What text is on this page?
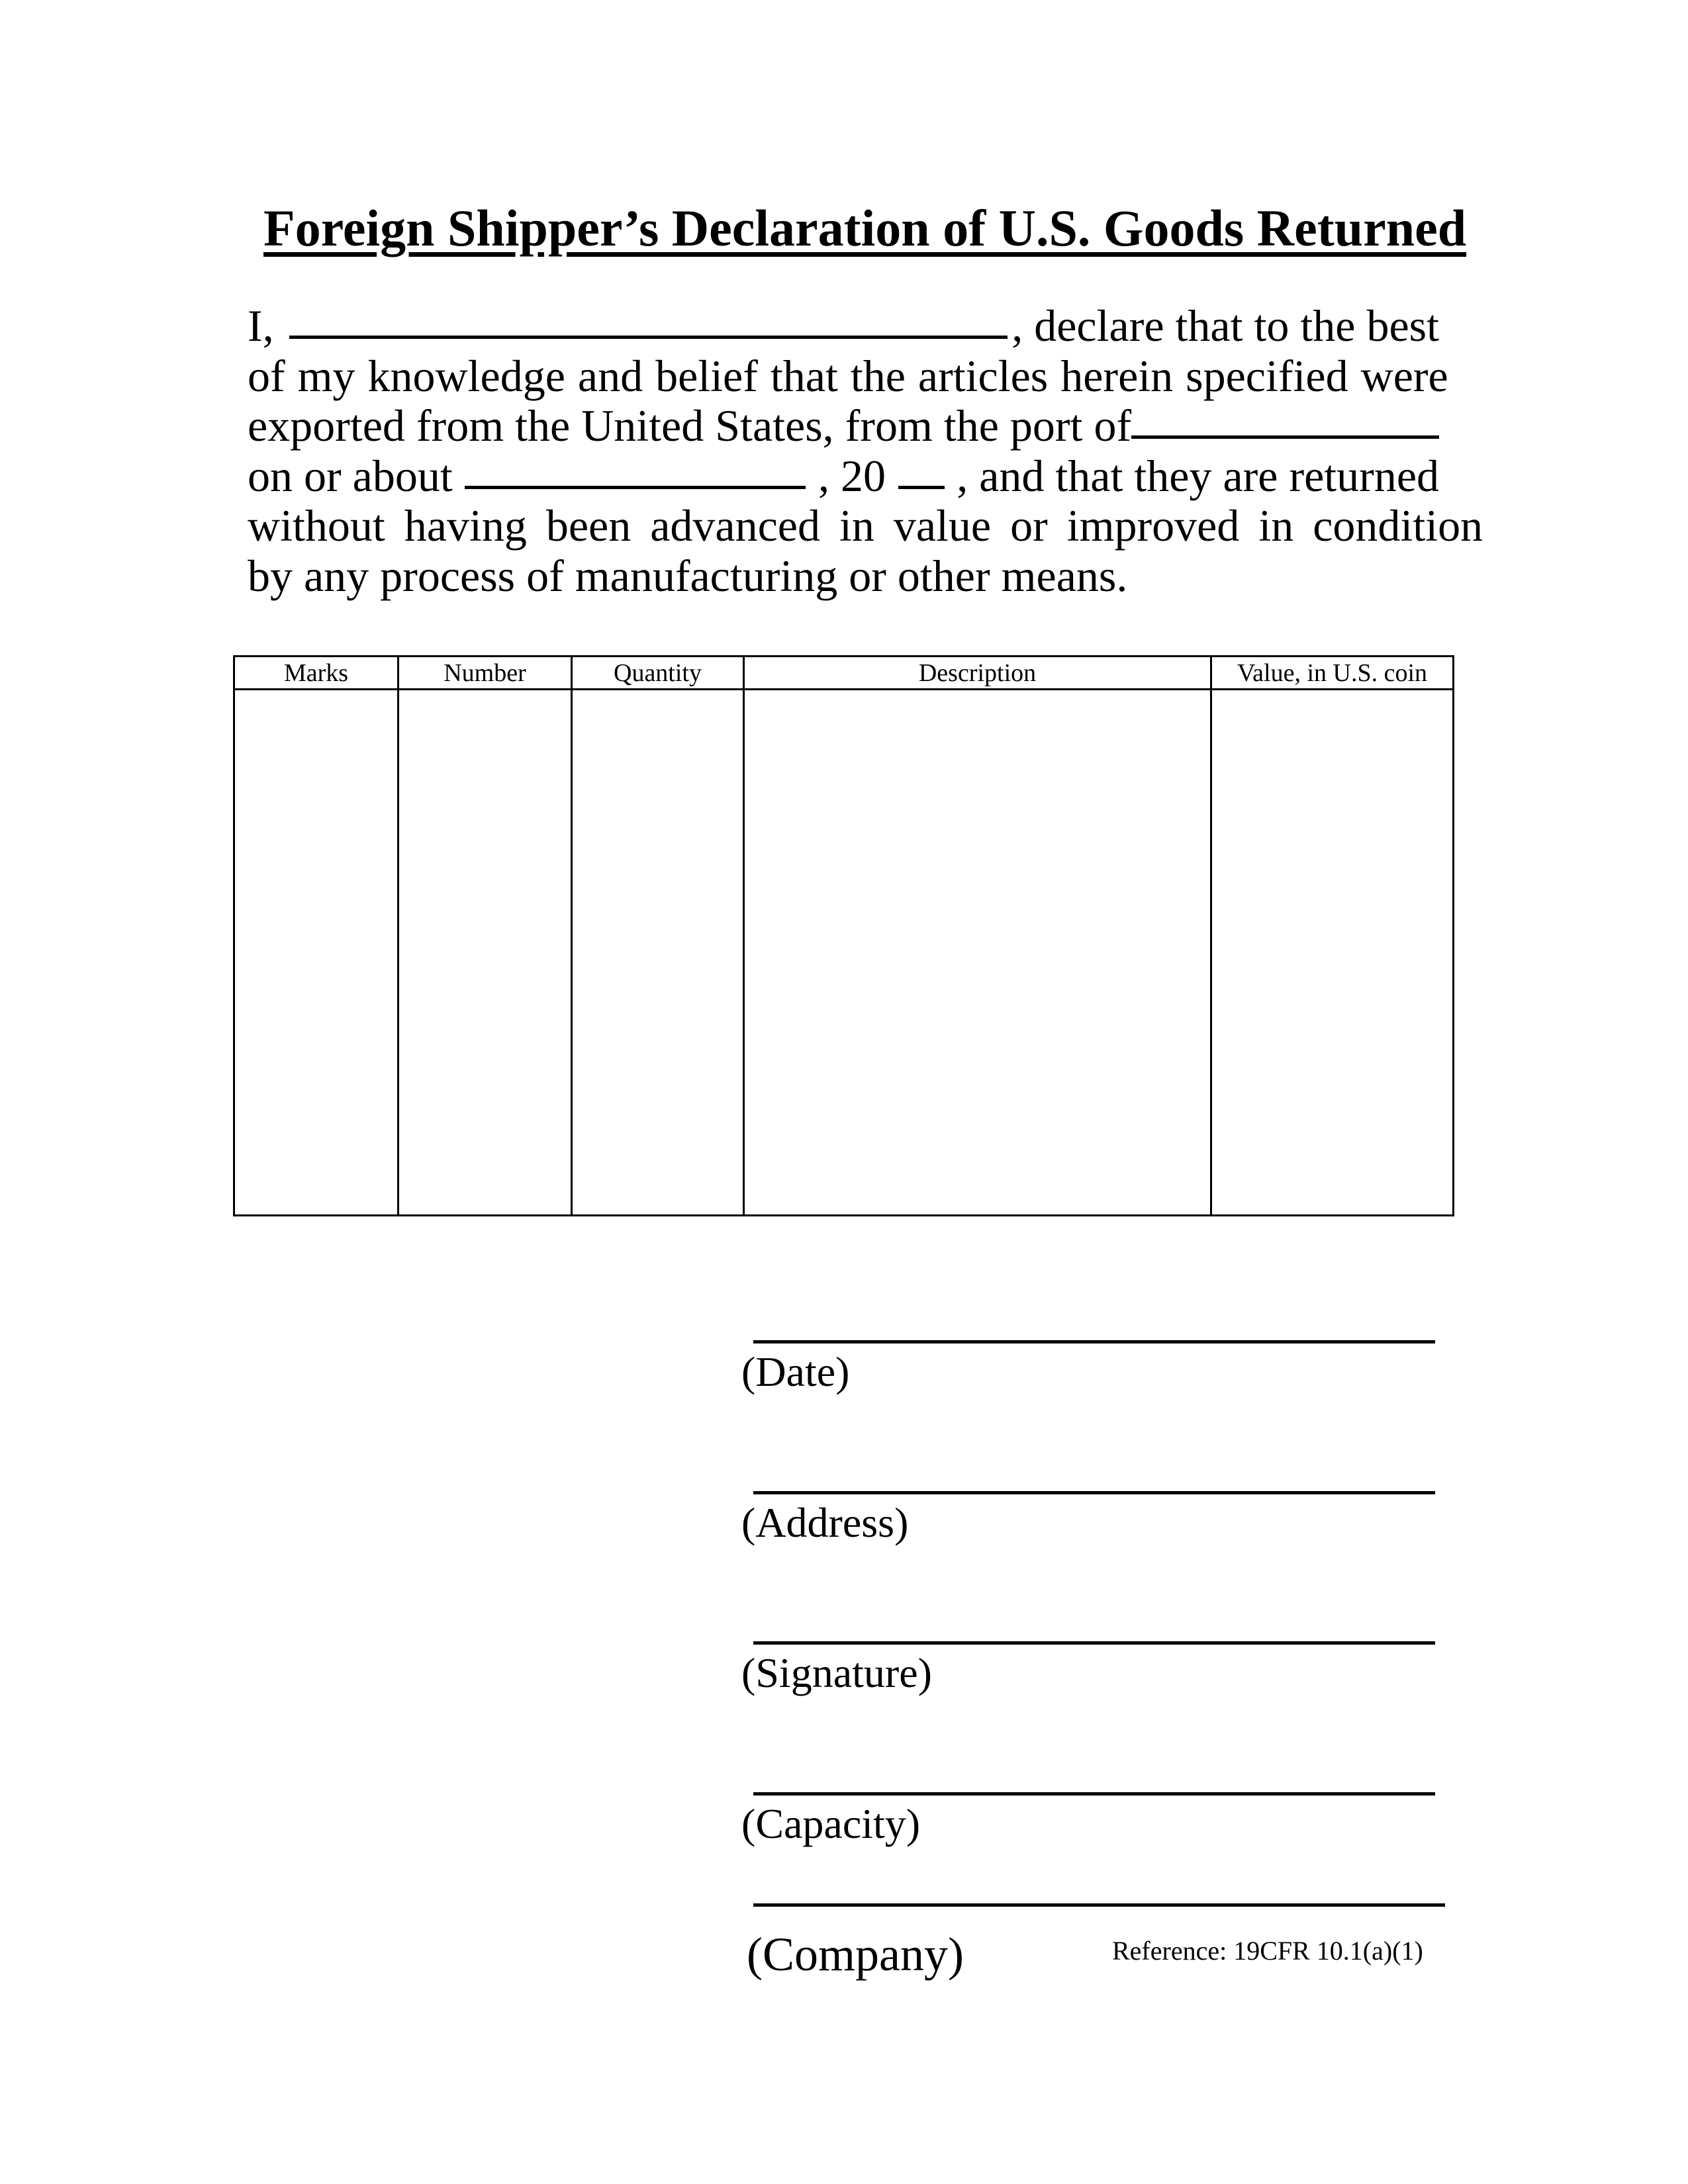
Foreign Shipper’s Declaration of U.S. Goods Returned
I,	, declare that to the best
of my knowledge and belief that the articles herein specified were
exported from the United States, from the port of
on or about	, 20 , and that they are returned
without having been advanced in value or improved in condition
by any process of manufacturing or other means.
Marks	Number	Quantity	Description	Value, in U.S. coin
(Date)
(Address)
(Signature)
(Capacity)
(Company)	Reference: 19CFR 10.1(a)(1)
